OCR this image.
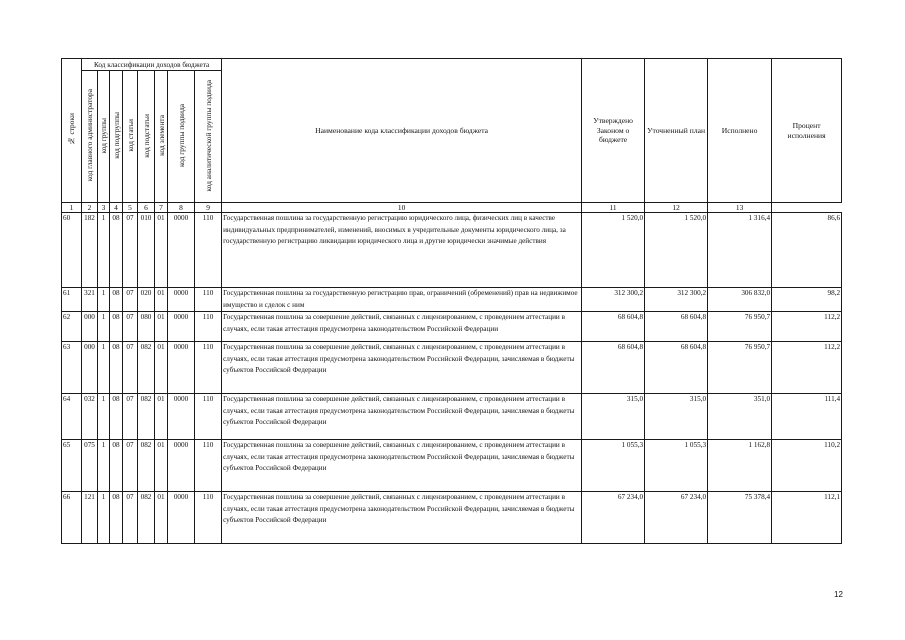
№ строки	Код классификации доходов бюджета								Наименование кода классификации доходов бюджета	Утверждено Законом о бюджете	Уточненный план	Исполнено	Процент исполнения
	код главного администратора	код группы	код подгруппы	код статьи	код подстатьи	код элемента	код группы подвида	код аналитической группы подвида					
1	2	3	4	5	6	7	8	9	10	11	12	13	
60	182	1	08	07	010	01	0000	110	Государственная пошлина за государственную регистрацию юридического лица, физических лиц в качестве индивидуальных предпринимателей, изменений, вносимых в учредительные документы юридического лица, за государственную регистрацию ликвидации юридического лица и другие юридически значимые действия	1 520,0	1 520,0	1 316,4	86,6
61	321	1	08	07	020	01	0000	110	Государственная пошлина за государственную регистрацию прав, ограничений (обременений) прав на недвижимое имущество и сделок с ним	312 300,2	312 300,2	306 832,0	98,2
62	000	1	08	07	080	01	0000	110	Государственная пошлина за совершение действий, связанных с лицензированием, с проведением аттестации в случаях, если такая аттестация предусмотрена законодательством Российской Федерации	68 604,8	68 604,8	76 950,7	112,2
63	000	1	08	07	082	01	0000	110	Государственная пошлина за совершение действий, связанных с лицензированием, с проведением аттестации в случаях, если такая аттестация предусмотрена законодательством Российской Федерации, зачисляемая в бюджеты субъектов Российской Федерации	68 604,8	68 604,8	76 950,7	112,2
64	032	1	08	07	082	01	0000	110	Государственная пошлина за совершение действий, связанных с лицензированием, с проведением аттестации в случаях, если такая аттестация предусмотрена законодательством Российской Федерации, зачисляемая в бюджеты субъектов Российской Федерации	315,0	315,0	351,0	111,4
65	075	1	08	07	082	01	0000	110	Государственная пошлина за совершение действий, связанных с лицензированием, с проведением аттестации в случаях, если такая аттестация предусмотрена законодательством Российской Федерации, зачисляемая в бюджеты субъектов Российской Федерации	1 055,3	1 055,3	1 162,8	110,2
66	121	1	08	07	082	01	0000	110	Государственная пошлина за совершение действий, связанных с лицензированием, с проведением аттестации в случаях, если такая аттестация предусмотрена законодательством Российской Федерации, зачисляемая в бюджеты субъектов Российской Федерации	67 234,0	67 234,0	75 378,4	112,1
12
